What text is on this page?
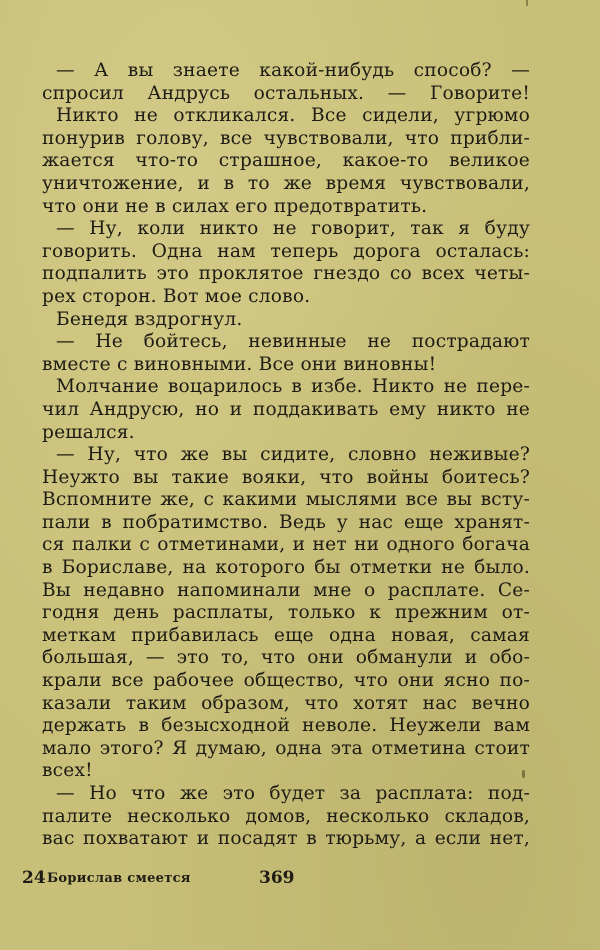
— А вы знаете какой-нибудь способ? —
спросил Андрусь остальных. — Говорите!
Никто не откликался. Все сидели, угрюмо
понурив голову, все чувствовали, что прибли-
жается что-то страшное, какое-то великое
уничтожение, и в то же время чувствовали,
что они не в силах его предотвратить.
— Ну, коли никто не говорит, так я буду
говорить. Одна нам теперь дорога осталась:
подпалить это проклятое гнездо со всех четы-
рех сторон. Вот мое слово.
Бенедя вздрогнул.
— Не бойтесь, невинные не пострадают
вместе с виновными. Все они виновны!
Молчание воцарилось в избе. Никто не пере-
чил Андрусю, но и поддакивать ему никто не
решался.
— Ну, что же вы сидите, словно неживые?
Неужто вы такие вояки, что войны боитесь?
Вспомните же, с какими мыслями все вы всту-
пали в побратимство. Ведь у нас еще хранят-
ся палки с отметинами, и нет ни одного богача
в Бориславе, на которого бы отметки не было.
Вы недавно напоминали мне о расплате. Се-
годня день расплаты, только к прежним от-
меткам прибавилась еще одна новая, самая
большая, — это то, что они обманули и обо-
крали все рабочее общество, что они ясно по-
казали таким образом, что хотят нас вечно
держать в безысходной неволе. Неужели вам
мало этого? Я думаю, одна эта отметина стоит
всех!
— Но что же это будет за расплата: под-
палите несколько домов, несколько складов,
вас похватают и посадят в тюрьму, а если нет,
24 Борислав смеется	369
